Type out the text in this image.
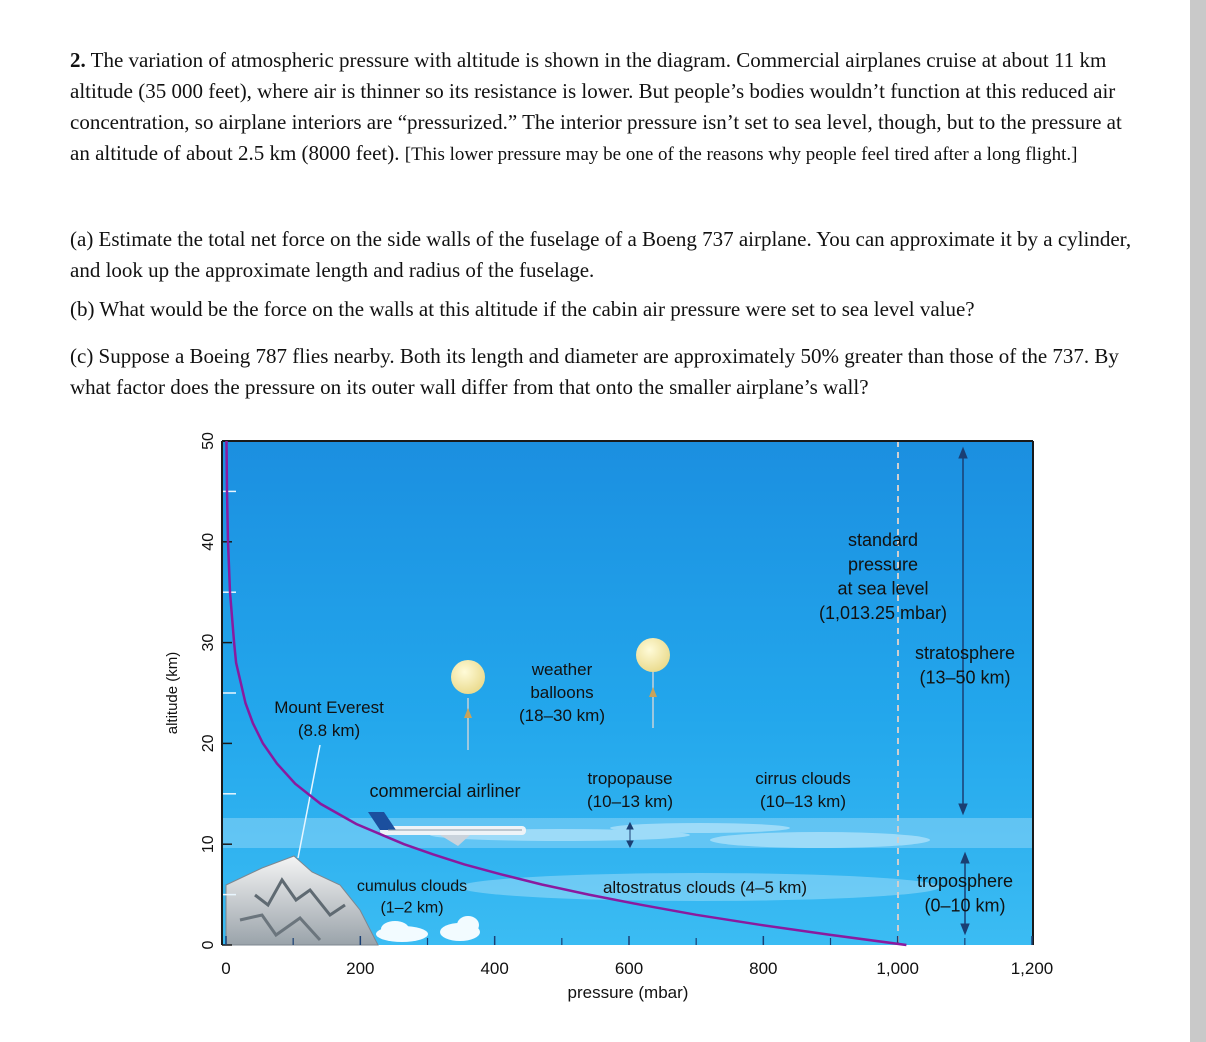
2. The variation of atmospheric pressure with altitude is shown in the diagram. Commercial airplanes cruise at about 11 km altitude (35 000 feet), where air is thinner so its resistance is lower. But people’s bodies wouldn’t function at this reduced air concentration, so airplane interiors are “pressurized.” The interior pressure isn’t set to sea level, though, but to the pressure at an altitude of about 2.5 km (8000 feet). [This lower pressure may be one of the reasons why people feel tired after a long flight.]

(a) Estimate the total net force on the side walls of the fuselage of a Boeng 737 airplane. You can approximate it by a cylinder, and look up the approximate length and radius of the fuselage.

(b) What would be the force on the walls at this altitude if the cabin air pressure were set to sea level value?

(c) Suppose a Boeing 787 flies nearby. Both its length and diameter are approximately 50% greater than those of the 737. By what factor does the pressure on its outer wall differ from that onto the smaller airplane’s wall?

0
10
20
30
40
50
0	200	400	600	800	1,000	1,200
altitude (km)
pressure (mbar)
Mount Everest (8.8 km)
weather balloons (18–30 km)
standard pressure at sea level (1,013.25 mbar)
stratosphere (13–50 km)
commercial airliner
tropopause (10–13 km)
cirrus clouds (10–13 km)
cumulus clouds (1–2 km)
altostratus clouds (4–5 km)	troposphere (0–10 km)
